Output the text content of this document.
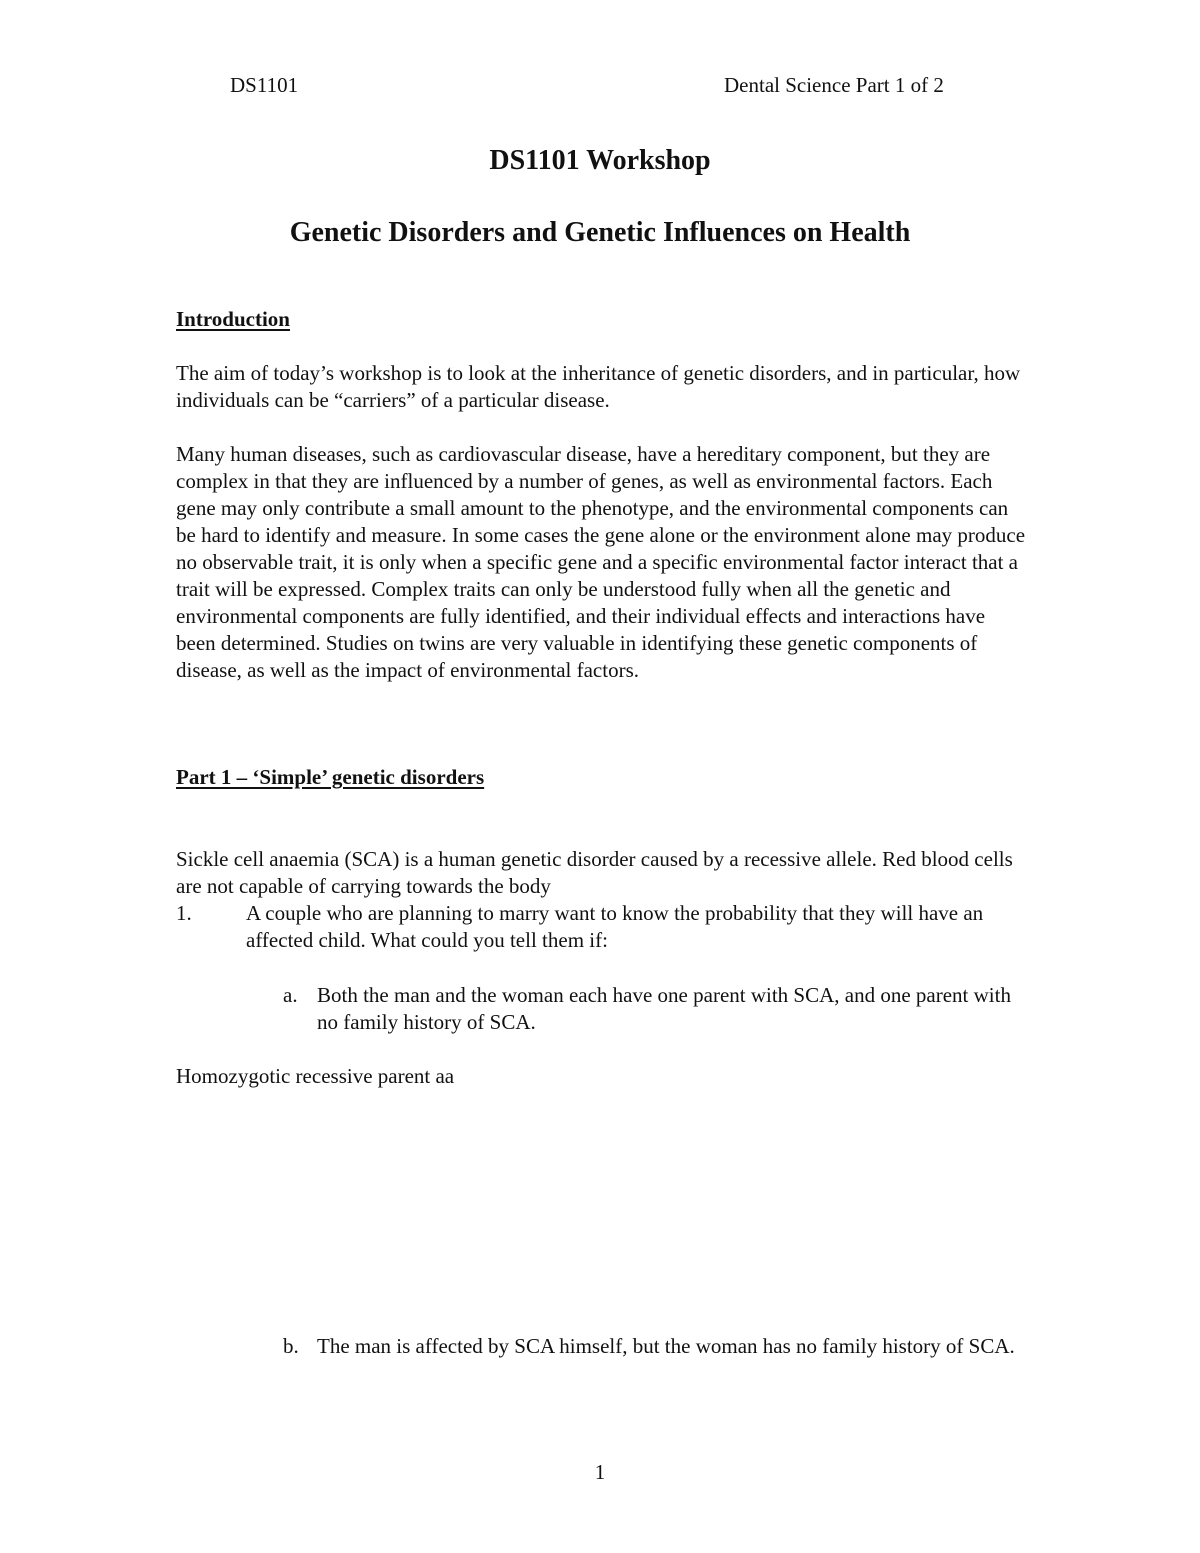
DS1101	Dental Science Part 1 of 2
DS1101 Workshop
Genetic Disorders and Genetic Influences on Health
Introduction

The aim of today’s workshop is to look at the inheritance of genetic disorders, and in particular, how individuals can be “carriers” of a particular disease.

Many human diseases, such as cardiovascular disease, have a hereditary component, but they are complex in that they are influenced by a number of genes, as well as environmental factors. Each gene may only contribute a small amount to the phenotype, and the environmental components can be hard to identify and measure. In some cases the gene alone or the environment alone may produce no observable trait, it is only when a specific gene and a specific environmental factor interact that a trait will be expressed. Complex traits can only be understood fully when all the genetic and environmental components are fully identified, and their individual effects and interactions have been determined. Studies on twins are very valuable in identifying these genetic components of disease, as well as the impact of environmental factors.

Part 1 – ‘Simple’ genetic disorders

Sickle cell anaemia (SCA) is a human genetic disorder caused by a recessive allele. Red blood cells are not capable of carrying towards the body

1.	A couple who are planning to marry want to know the probability that they will have an affected child. What could you tell them if:

a. Both the man and the woman each have one parent with SCA, and one parent with no family history of SCA.

Homozygotic recessive parent aa
b. The man is affected by SCA himself, but the woman has no family history of SCA.

1
